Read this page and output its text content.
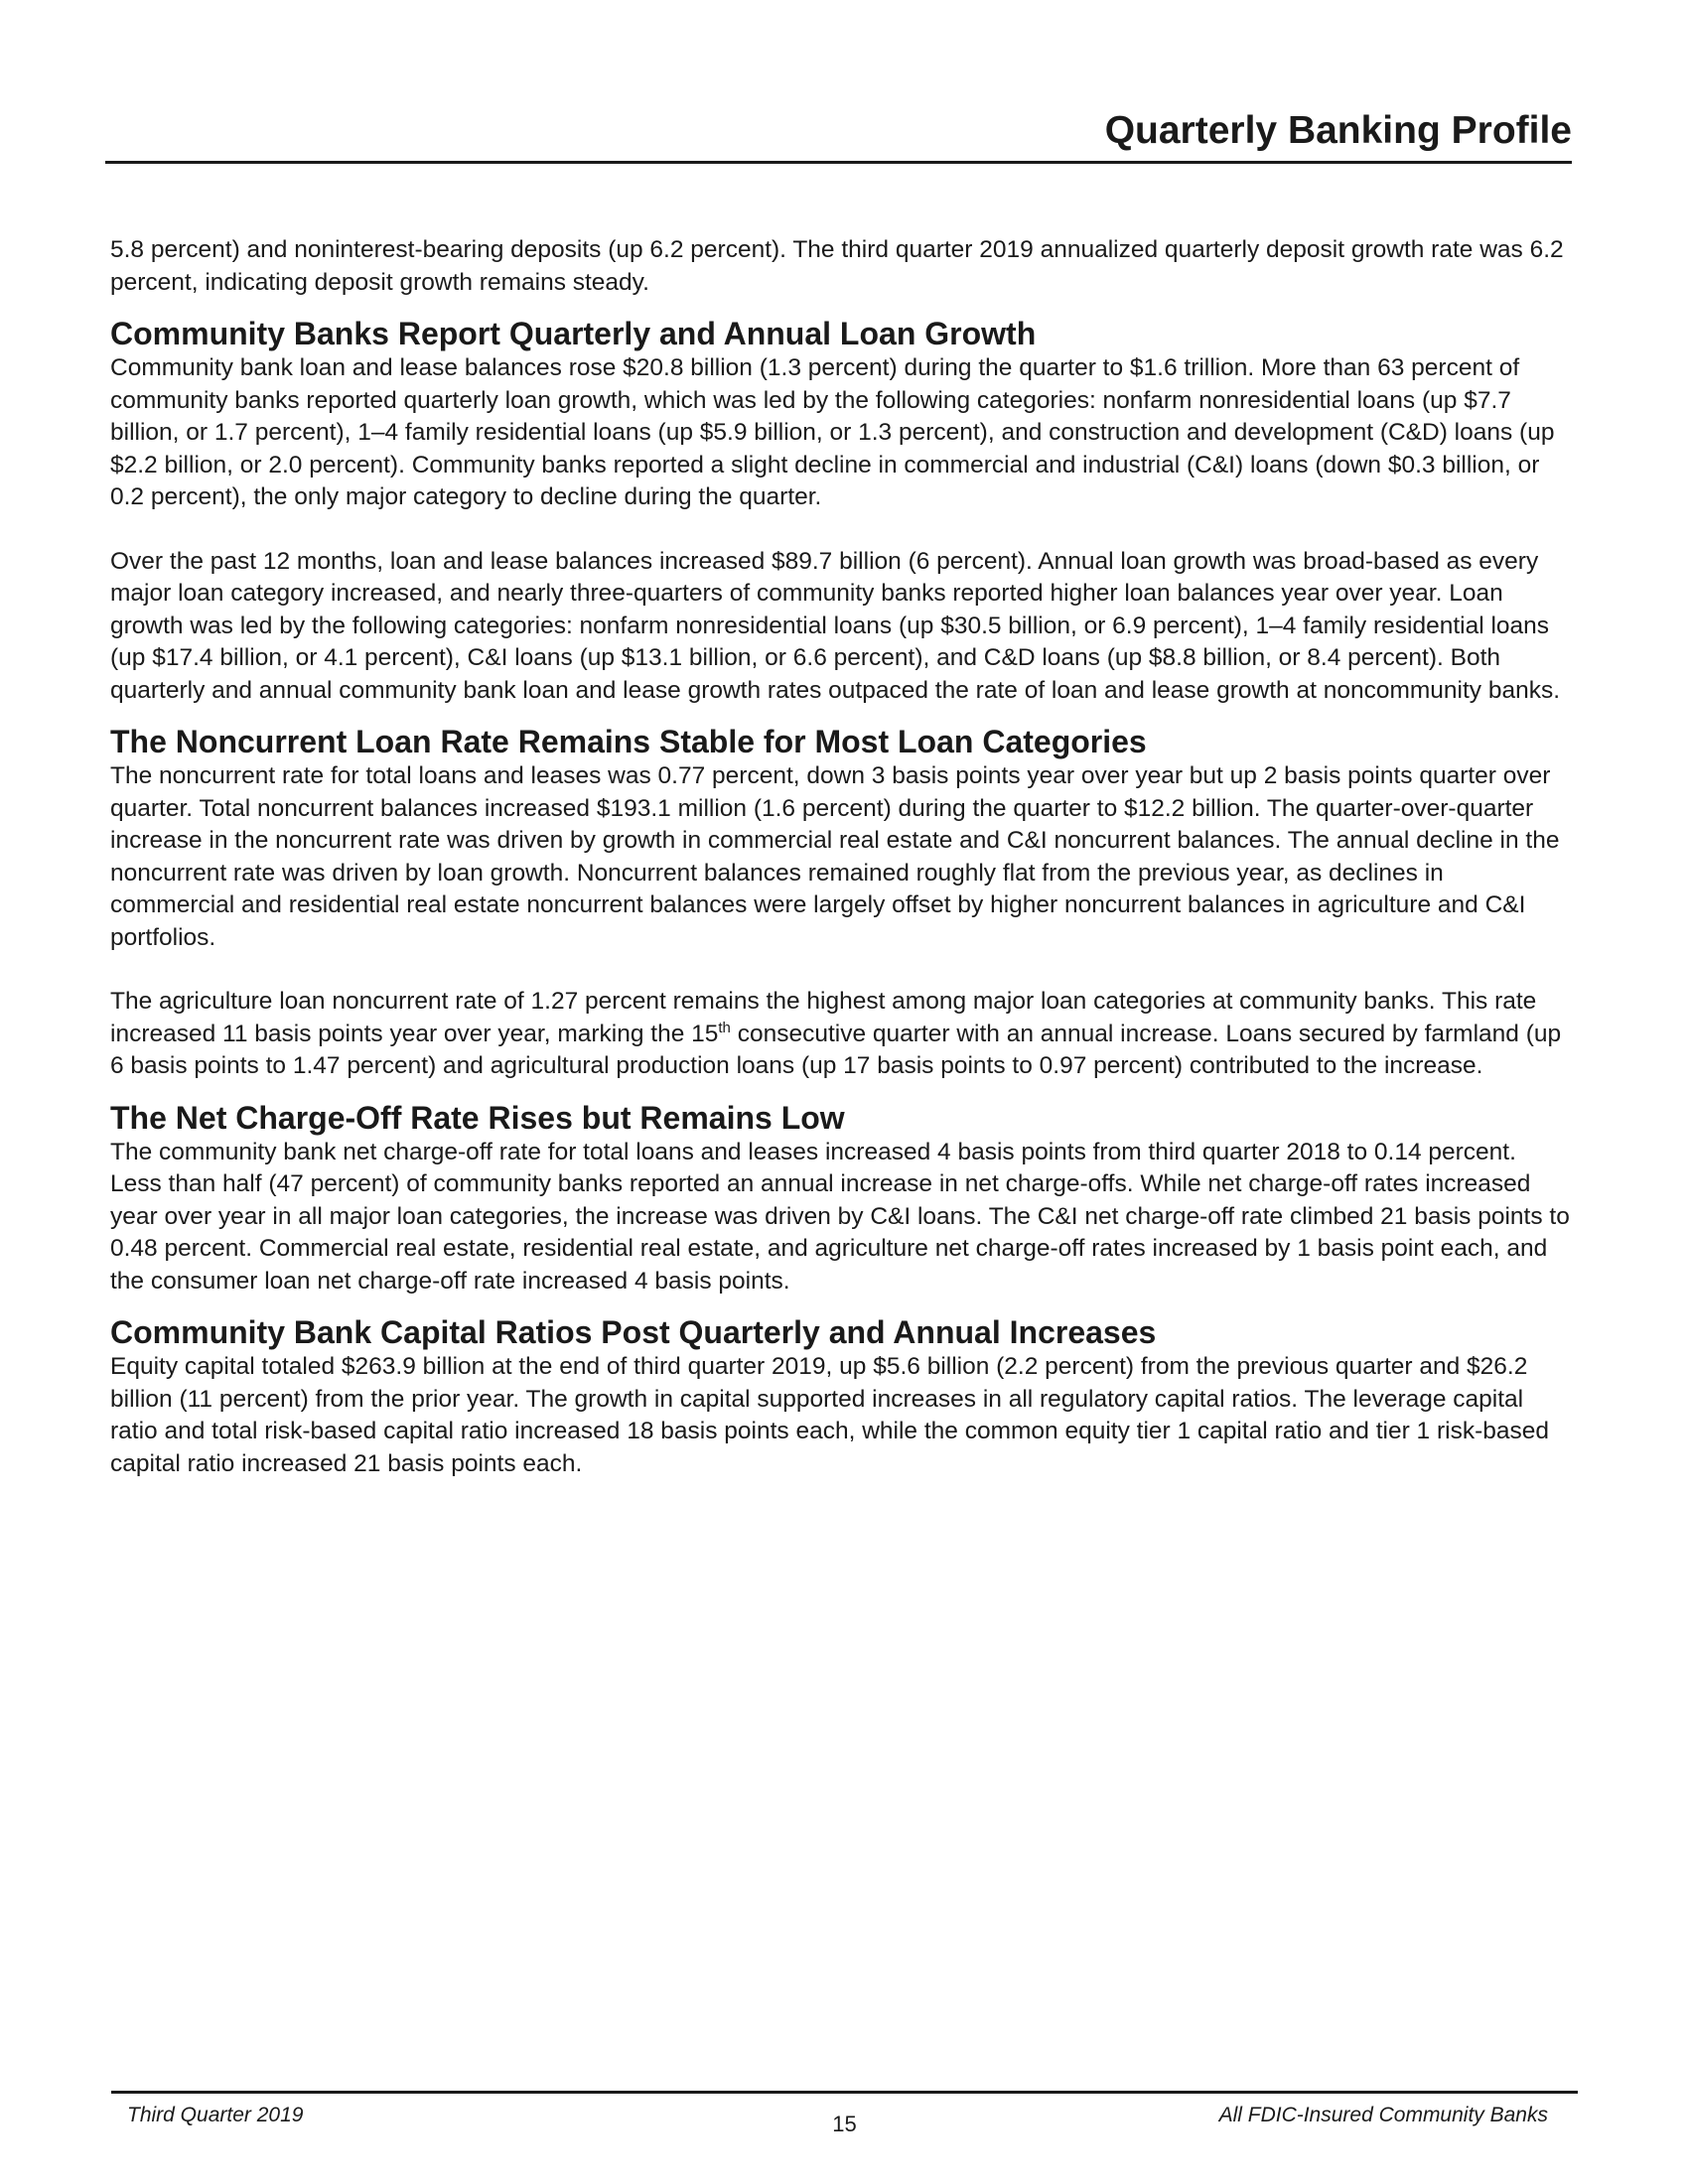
Quarterly Banking Profile

5.8 percent) and noninterest-bearing deposits (up 6.2 percent). The third quarter 2019 annualized quarterly deposit growth rate was 6.2 percent, indicating deposit growth remains steady.

Community Banks Report Quarterly and Annual Loan Growth

Community bank loan and lease balances rose $20.8 billion (1.3 percent) during the quarter to $1.6 trillion. More than 63 percent of community banks reported quarterly loan growth, which was led by the following categories: nonfarm nonresidential loans (up $7.7 billion, or 1.7 percent), 1–4 family residential loans (up $5.9 billion, or 1.3 percent), and construction and development (C&D) loans (up $2.2 billion, or 2.0 percent). Community banks reported a slight decline in commercial and industrial (C&I) loans (down $0.3 billion, or 0.2 percent), the only major category to decline during the quarter.

Over the past 12 months, loan and lease balances increased $89.7 billion (6 percent). Annual loan growth was broad-based as every major loan category increased, and nearly three-quarters of community banks reported higher loan balances year over year. Loan growth was led by the following categories: nonfarm nonresidential loans (up $30.5 billion, or 6.9 percent), 1–4 family residential loans (up $17.4 billion, or 4.1 percent), C&I loans (up $13.1 billion, or 6.6 percent), and C&D loans (up $8.8 billion, or 8.4 percent). Both quarterly and annual community bank loan and lease growth rates outpaced the rate of loan and lease growth at noncommunity banks.

The Noncurrent Loan Rate Remains Stable for Most Loan Categories

The noncurrent rate for total loans and leases was 0.77 percent, down 3 basis points year over year but up 2 basis points quarter over quarter. Total noncurrent balances increased $193.1 million (1.6 percent) during the quarter to $12.2 billion. The quarter-over-quarter increase in the noncurrent rate was driven by growth in commercial real estate and C&I noncurrent balances. The annual decline in the noncurrent rate was driven by loan growth. Noncurrent balances remained roughly flat from the previous year, as declines in commercial and residential real estate noncurrent balances were largely offset by higher noncurrent balances in agriculture and C&I portfolios.

The agriculture loan noncurrent rate of 1.27 percent remains the highest among major loan categories at community banks. This rate increased 11 basis points year over year, marking the 15th consecutive quarter with an annual increase. Loans secured by farmland (up 6 basis points to 1.47 percent) and agricultural production loans (up 17 basis points to 0.97 percent) contributed to the increase.

The Net Charge-Off Rate Rises but Remains Low

The community bank net charge-off rate for total loans and leases increased 4 basis points from third quarter 2018 to 0.14 percent. Less than half (47 percent) of community banks reported an annual increase in net charge-offs. While net charge-off rates increased year over year in all major loan categories, the increase was driven by C&I loans. The C&I net charge-off rate climbed 21 basis points to 0.48 percent. Commercial real estate, residential real estate, and agriculture net charge-off rates increased by 1 basis point each, and the consumer loan net charge-off rate increased 4 basis points.

Community Bank Capital Ratios Post Quarterly and Annual Increases

Equity capital totaled $263.9 billion at the end of third quarter 2019, up $5.6 billion (2.2 percent) from the previous quarter and $26.2 billion (11 percent) from the prior year. The growth in capital supported increases in all regulatory capital ratios. The leverage capital ratio and total risk-based capital ratio increased 18 basis points each, while the common equity tier 1 capital ratio and tier 1 risk-based capital ratio increased 21 basis points each.

Third Quarter 2019	15	All FDIC-Insured Community Banks
